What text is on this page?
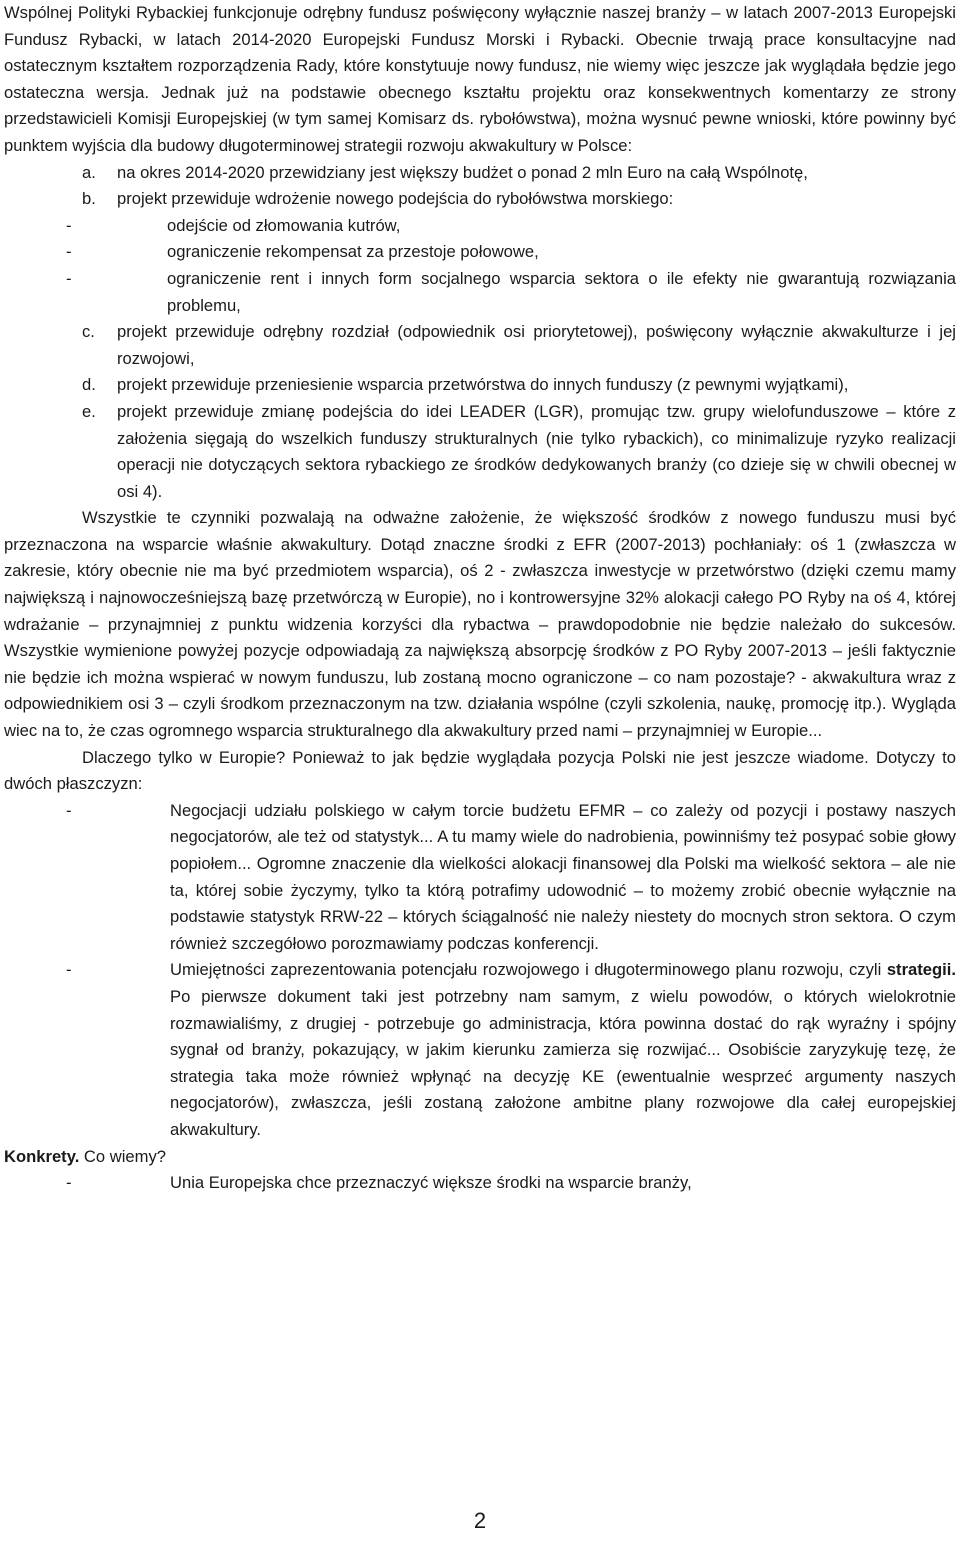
Wspólnej Polityki Rybackiej funkcjonuje odrębny fundusz poświęcony wyłącznie naszej branży – w latach 2007-2013 Europejski Fundusz Rybacki, w latach 2014-2020 Europejski Fundusz Morski i Rybacki. Obecnie trwają prace konsultacyjne nad ostatecznym kształtem rozporządzenia Rady, które konstytuuje nowy fundusz, nie wiemy więc jeszcze jak wyglądała będzie jego ostateczna wersja. Jednak już na podstawie obecnego kształtu projektu oraz konsekwentnych komentarzy ze strony przedstawicieli Komisji Europejskiej (w tym samej Komisarz ds. rybołówstwa), można wysnuć pewne wnioski, które powinny być punktem wyjścia dla budowy długoterminowej strategii rozwoju akwakultury w Polsce:

a. na okres 2014-2020 przewidziany jest większy budżet o ponad 2 mln Euro na całą Wspólnotę,
b. projekt przewiduje wdrożenie nowego podejścia do rybołówstwa morskiego:
-	odejście od złomowania kutrów,
-	ograniczenie rekompensat za przestoje połowowe,
-	ograniczenie rent i innych form socjalnego wsparcia sektora o ile efekty nie gwarantują rozwiązania problemu,
c. projekt przewiduje odrębny rozdział (odpowiednik osi priorytetowej), poświęcony wyłącznie akwakulturze i jej rozwojowi,
d. projekt przewiduje przeniesienie wsparcia przetwórstwa do innych funduszy (z pewnymi wyjątkami),
e. projekt przewiduje zmianę podejścia do idei LEADER (LGR), promując tzw. grupy wielofunduszowe – które z założenia sięgają do wszelkich funduszy strukturalnych (nie tylko rybackich), co minimalizuje ryzyko realizacji operacji nie dotyczących sektora rybackiego ze środków dedykowanych branży (co dzieje się w chwili obecnej w osi 4).

Wszystkie te czynniki pozwalają na odważne założenie, że większość środków z nowego funduszu musi być przeznaczona na wsparcie właśnie akwakultury. Dotąd znaczne środki z EFR (2007-2013) pochłaniały: oś 1 (zwłaszcza w zakresie, który obecnie nie ma być przedmiotem wsparcia), oś 2 - zwłaszcza inwestycje w przetwórstwo (dzięki czemu mamy największą i najnowocześniejszą bazę przetwórczą w Europie), no i kontrowersyjne 32% alokacji całego PO Ryby na oś 4, której wdrażanie – przynajmniej z punktu widzenia korzyści dla rybactwa – prawdopodobnie nie będzie należało do sukcesów. Wszystkie wymienione powyżej pozycje odpowiadają za największą absorpcję środków z PO Ryby 2007-2013 – jeśli faktycznie nie będzie ich można wspierać w nowym funduszu, lub zostaną mocno ograniczone – co nam pozostaje? - akwakultura wraz z odpowiednikiem osi 3 – czyli środkom przeznaczonym na tzw. działania wspólne (czyli szkolenia, naukę, promocję itp.). Wygląda wiec na to, że czas ogromnego wsparcia strukturalnego dla akwakultury przed nami – przynajmniej w Europie...

Dlaczego tylko w Europie? Ponieważ to jak będzie wyglądała pozycja Polski nie jest jeszcze wiadome. Dotyczy to dwóch płaszczyzn:

-	Negocjacji udziału polskiego w całym torcie budżetu EFMR – co zależy od pozycji i postawy naszych negocjatorów, ale też od statystyk... A tu mamy wiele do nadrobienia, powinniśmy też posypać sobie głowy popiołem... Ogromne znaczenie dla wielkości alokacji finansowej dla Polski ma wielkość sektora – ale nie ta, której sobie życzymy, tylko ta którą potrafimy udowodnić – to możemy zrobić obecnie wyłącznie na podstawie statystyk RRW-22 – których ściągalność nie należy niestety do mocnych stron sektora. O czym również szczegółowo porozmawiamy podczas konferencji.
-	Umiejętności zaprezentowania potencjału rozwojowego i długoterminowego planu rozwoju, czyli strategii. Po pierwsze dokument taki jest potrzebny nam samym, z wielu powodów, o których wielokrotnie rozmawialiśmy, z drugiej - potrzebuje go administracja, która powinna dostać do rąk wyraźny i spójny sygnał od branży, pokazujący, w jakim kierunku zamierza się rozwijać... Osobiście zaryzykuję tezę, że strategia taka może również wpłynąć na decyzję KE (ewentualnie wesprzeć argumenty naszych negocjatorów), zwłaszcza, jeśli zostaną założone ambitne plany rozwojowe dla całej europejskiej akwakultury.

Konkrety. Co wiemy?

-	Unia Europejska chce przeznaczyć większe środki na wsparcie branży,
2
